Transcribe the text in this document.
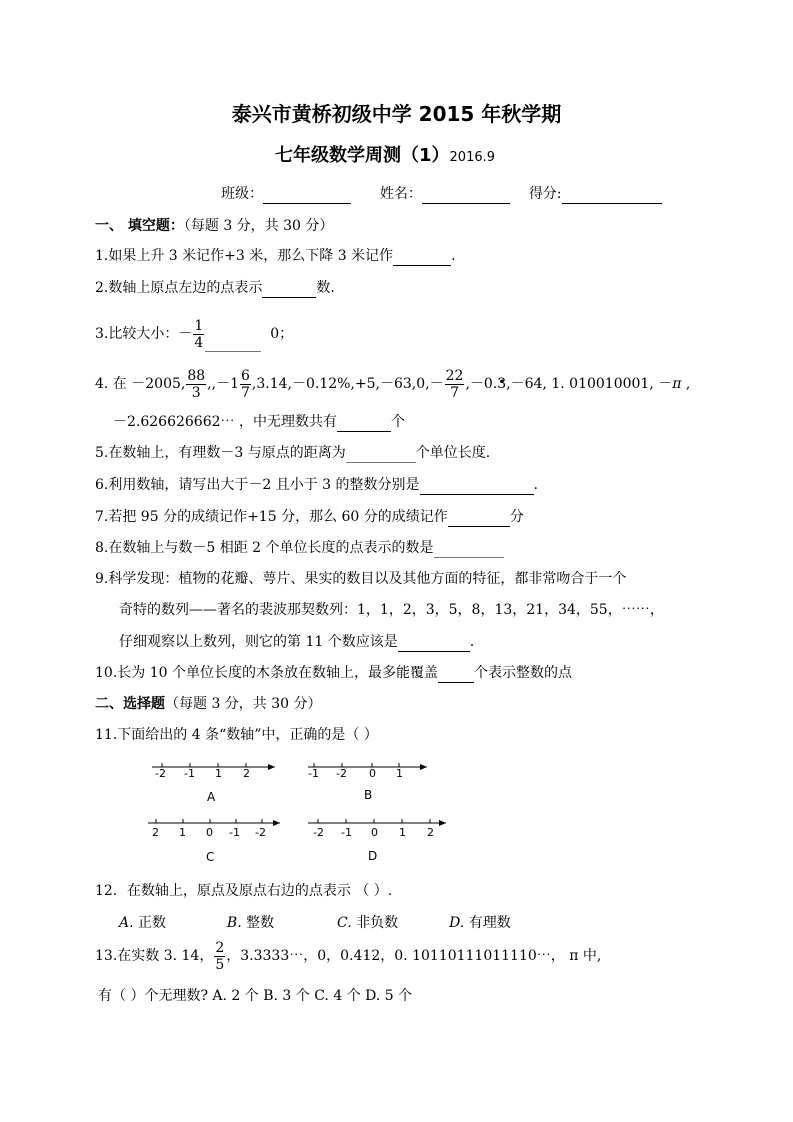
泰兴市黄桥初级中学 2015 年秋学期
七年级数学周测（1）2016.9
班级：	姓名：	得分:
一、 填空题：（每题 3 分，共 30 分）
1.如果上升 3 米记作+3 米，那么下降 3 米记作	.
2.数轴上原点左边的点表示	数.
3.比较大小：－ $\frac{1}{4}$	0；
4. 在 －2005, $\frac{88}{3} ,,-1 \frac{6}{7} ,3.14,-0.12\%,+5,-63,0,- \frac{22}{7}$ ,－0.• 3,－64, 1. 010010001, －π ,
－2.626626662⋯ ，中无理数共有	个
5.在数轴上，有理数－3 与原点的距离为	个单位长度.
6.利用数轴，请写出大于－2 且小于 3 的整数分别是	.
7.若把 95 分的成绩记作+15 分，那么 60 分的成绩记作	分
8.在数轴上与数－5 相距 2 个单位长度的点表示的数是
9.科学发现：植物的花瓣、萼片、果实的数目以及其他方面的特征，都非常吻合于一个
奇特的数列——著名的裴波那契数列：1，1，2，3，5，8，13，21，34，55，⋯⋯，
仔细观察以上数列，则它的第 11 个数应该是	.
10.长为 10 个单位长度的木条放在数轴上，最多能覆盖	个表示整数的点
二、选择题（每题 3 分，共 30 分）
11.下面给出的 4 条“数轴”中，正确的是（ ）
-2 -1 1 2
A
-1 -2 0 1
B
2 1 0 -1 -2
C
-2 -1 0 1 2
D
12．在数轴上，原点及原点右边的点表示 （ ）.
A. 正数	B. 整数	C. 非负数	D. 有理数
13.在实数 3. 14， $\frac{2}{5}$ ，3.3333⋯，0，0.4. . 12，0. 10110111011110⋯， π 中,
有（ ）个无理数? A. 2 个 B. 3 个 C. 4 个 D. 5 个
